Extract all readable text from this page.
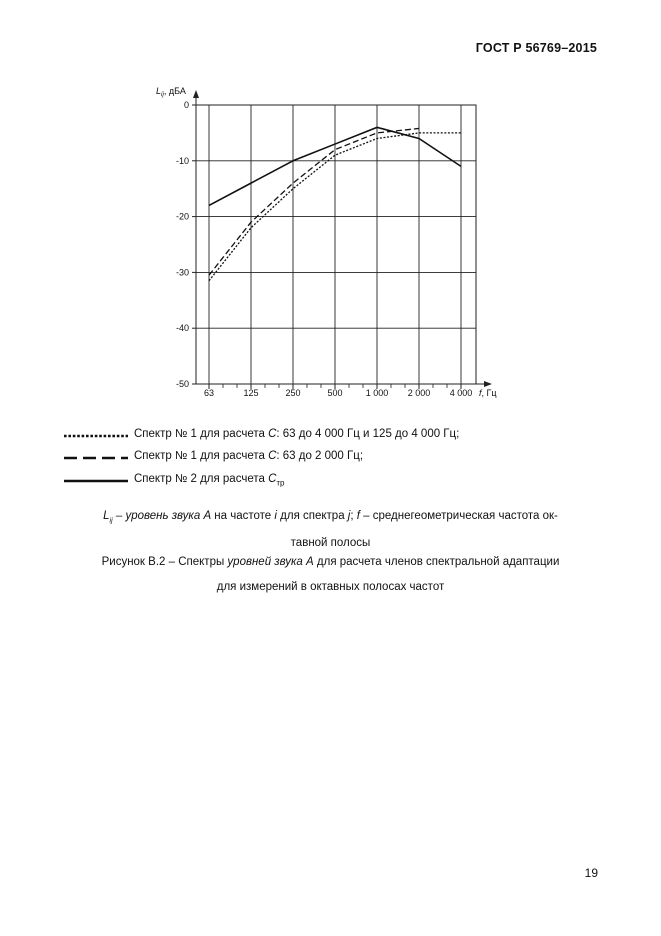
ГОСТ Р 56769–2015
0
-10
-20
-30
-40
-50
63	125	250	500	1 000 2 000 4 000
$L_{ij}$, дБА
f, Гц
Спектр № 1 для расчета C: 63 до 4 000 Гц и 125 до 4 000 Гц;
Спектр № 1 для расчета C: 63 до 2 000 Гц;
Спектр № 2 для расчета $C_{тр}$
$L_{ij}$ – уровень звука А на частоте i для спектра j; f – среднегеометрическая частота ок-
тавной полосы
Рисунок В.2 – Спектры уровней звука А для расчета членов спектральной адаптации
для измерений в октавных полосах частот
19
